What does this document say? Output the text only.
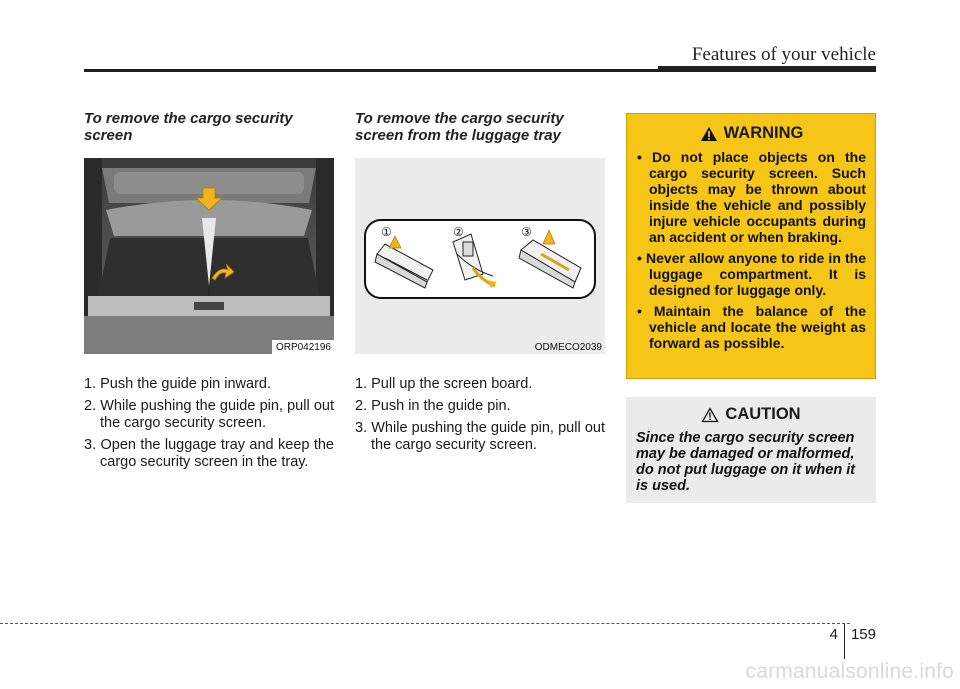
Features of your vehicle
To remove the cargo security screen
ORP042196
1. Push the guide pin inward.
2. While pushing the guide pin, pull out the cargo security screen.
3. Open the luggage tray and keep the cargo security screen in the tray.
To remove the cargo security screen from the luggage tray
①	②	③
ODMECO2039
1. Pull up the screen board.
2. Push in the guide pin.
3. While pushing the guide pin, pull out the cargo security screen.
WARNING
• Do not place objects on the cargo security screen. Such objects may be thrown about inside the vehicle and possibly injure vehicle occupants during an accident or when braking.
• Never allow anyone to ride in the luggage compartment. It is designed for luggage only.
• Maintain the balance of the vehicle and locate the weight as forward as possible.
CAUTION
Since the cargo security screen may be damaged or malformed, do not put luggage on it when it is used.
4 159
carmanualsonline.info
